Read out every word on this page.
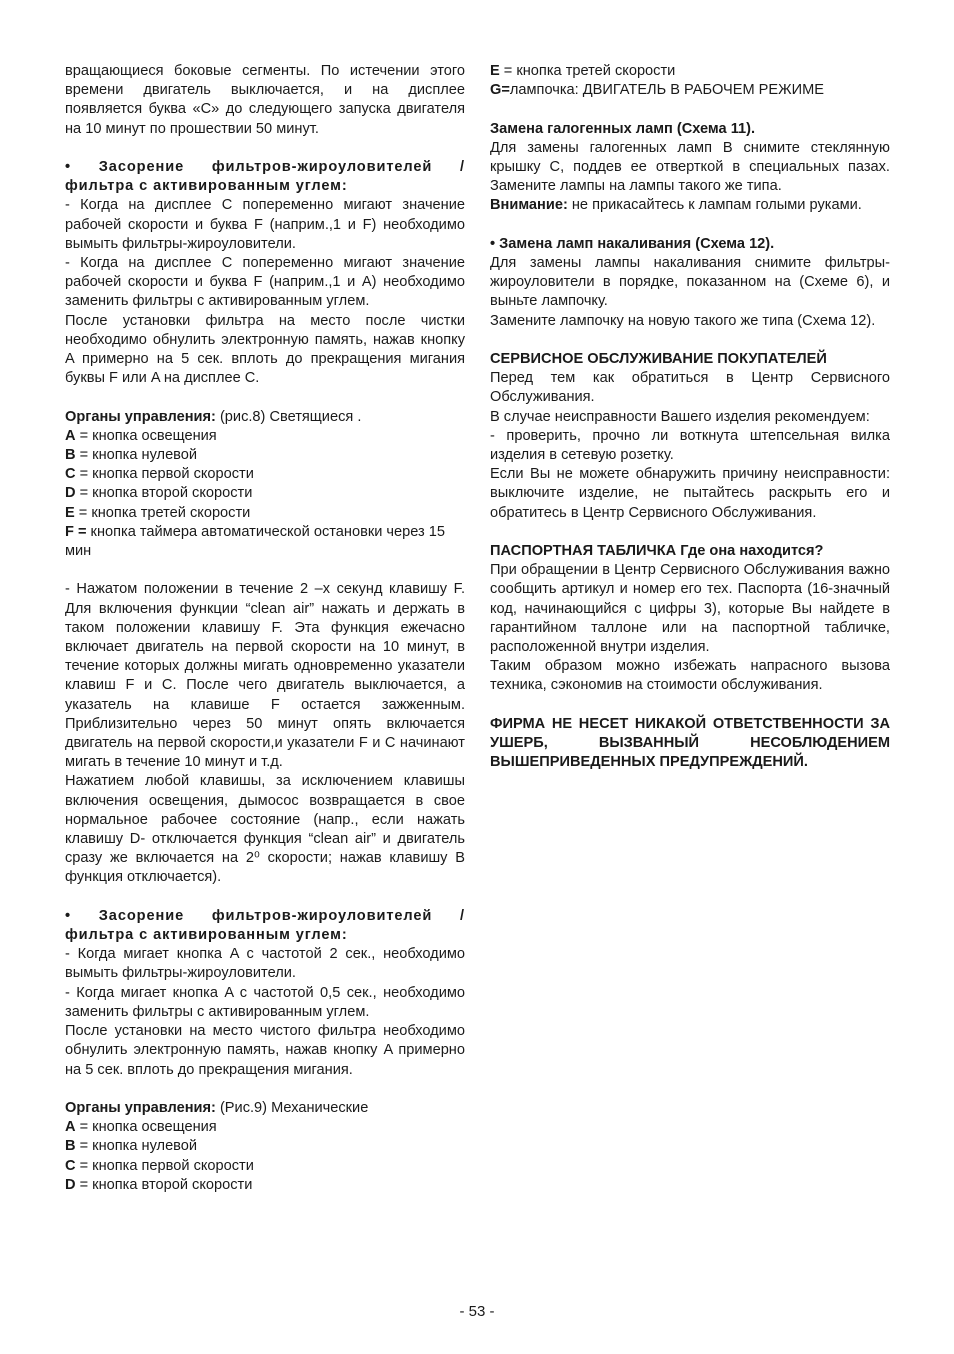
вращающиеся боковые сегменты. По истечении этого времени двигатель выключается, и на дисплее появляется буква «С» до следующего запуска двигателя на 10 минут по прошествии 50 минут.

• Засорение фильтров-жироуловителей / фильтра с активированным углем:

- Когда на дисплее C попеременно мигают значение рабочей скорости и буква F (наприм.,1 и F) необходимо вымыть фильтры-жироуловители.

- Когда на дисплее C попеременно мигают значение рабочей скорости и буква F (наприм.,1 и A) необходимо заменить фильтры с активированным углем.

После установки фильтра на место после чистки необходимо обнулить электронную память, нажав кнопку A примерно на 5 сек. вплоть до прекращения мигания буквы F или A на дисплее C.

Органы управления: (рис.8) Светящиеся .

A = кнопка освещения

B = кнопка нулевой

C = кнопка первой скорости

D = кнопка второй скорости

E = кнопка третей скорости

F = кнопка таймера автоматической остановки через 15 мин

- Нажатом положении в течение 2 –х секунд клавишу F. Для включения функции “clean air” нажать и держать в таком положении клавишу F. Эта функция ежечасно включает двигатель на первой скорости на 10 минут, в течение которых должны мигать одновременно указатели клавиш F и C. После чего двигатель выключается, а указатель на клавише F остается зажженным. Приблизительно через 50 минут опять включается двигатель на первой скорости,и указатели F и C начинают мигать в течение 10 минут и т.д.

Нажатием любой клавишы, за исключением клавишы включения освещения, дымосос возвращается в свое нормальное рабочее состояние (напр., если нажать клавишу D- отключается функция “clean air” и двигатель сразу же включается на 2⁰ скорости; нажав клавишу B функция отключается).

• Засорение фильтров-жироуловителей / фильтра с активированным углем:

- Когда мигает кнопка A с частотой 2 сек., необходимо вымыть фильтры-жироуловители.

- Когда мигает кнопка A с частотой 0,5 сек., необходимо заменить фильтры с активированным углем.

После установки на место чистого фильтра необходимо обнулить электронную память, нажав кнопку A примерно на 5 сек. вплоть до прекращения мигания.

Органы управления: (Рис.9) Механические

A = кнопка освещения

B = кнопка нулевой

C = кнопка первой скорости

D = кнопка второй скорости

E = кнопка третей скорости

G=лампочка: ДВИГАТЕЛЬ В РАБОЧЕМ РЕЖИМЕ

Замена галогенных ламп (Схема 11).

Для замены галогенных ламп B снимите стеклянную крышку C, поддев ее отверткой в специальных пазах. Замените лампы на лампы такого же типа.

Внимание: не прикасайтесь к лампам голыми руками.

• Замена ламп накаливания (Схема 12).

Для замены лампы накаливания снимите фильтры-жироуловители в порядке, показанном на (Схеме 6), и выньте лампочку.

Замените лампочку на новую такого же типа (Схема 12).

СЕРВИСНОЕ ОБСЛУЖИВАНИЕ ПОКУПАТЕЛЕЙ

Перед тем как обратиться в Центр Сервисного Обслуживания.

В случае неисправности Вашего изделия рекомендуем:

- проверить, прочно ли воткнута штепсельная вилка изделия в сетевую розетку.

Если Вы не можете обнаружить причину неисправности: выключите изделие, не пытайтесь раскрыть его и обратитесь в Центр Сервисного Обслуживания.

ПАСПОРТНАЯ ТАБЛИЧКА Где она находится?

При обращении в Центр Сервисного Обслуживания важно сообщить артикул и номер его тех. Паспорта (16-значный код, начинающийся с цифры 3), которые Вы найдете в гарантийном таллоне или на паспортной табличке, расположенной внутри изделия.

Таким образом можно избежать напрасного вызова техника, сэкономив на стоимости обслуживания.

ФИРМА НЕ НЕСЕТ НИКАКОЙ ОТВЕТСТВЕННОСТИ ЗА УШЕРБ, ВЫЗВАННЫЙ НЕСОБЛЮДЕНИЕМ ВЫШЕПРИВЕДЕННЫХ ПРЕДУПРЕЖДЕНИЙ.

- 53 -
